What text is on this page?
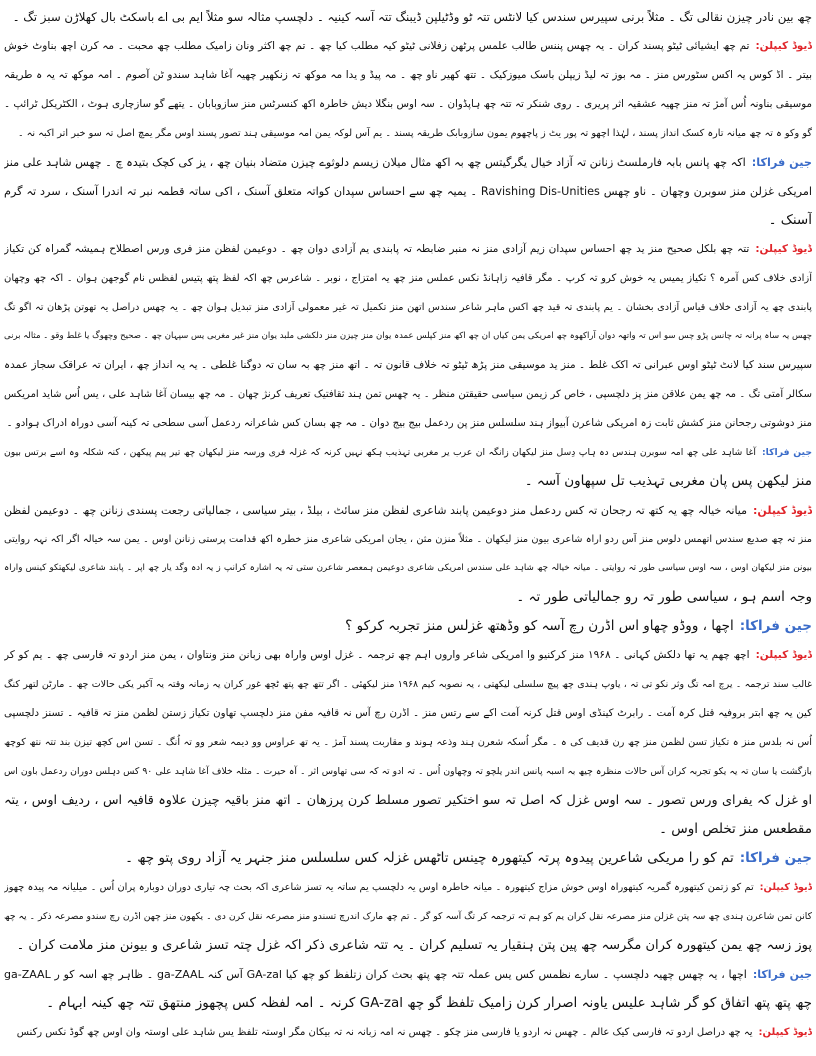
چھ بین نادر چیزن نقالی تگ ۔ مثلاً برنی سپیرس سندس کیا لانٹس تتہ ٹو وڈٹیلپن ڈیبنگ تتہ آسہ کینیہ ۔ دلچسپ مثالہ سو مثلاً ایم بی اے باسکٹ بال کھلاڑن سبز تگ ۔
ڈیوڈ کیپلن:تم چھ ایشیائی ٹیٹو پسند کران ۔ یہ چھس پننس طالب علمس پرٹھن زفلانی ٹیٹو کیہ مطلب کیا چھ ۔ تم چھ اکثر ونان زامیک مطلب چھ محبت ۔ مہ کرن اچھ بناوٹ خوش
بیتر ۔ اڈ کوس یہ اکس سٹورس منز ۔ مہ بوز تہ لیڈ زیپلن باسک میوزکیک ۔ تتھ کھیر ناو چھ ۔ مہ پیڈ و یدا مہ موکھ تہ زنکھیر چھیہ آغا شاہد سندو ٹن آصوم ۔ امہ موکھ تہ یہ ہ طریقہ
موسیقی بناونہ اُس آمژ تہ منز چھیہ عشقیہ اثر پریری ۔ روی شنکر تہ تتہ چھ ہاپڈوان ۔ سہ اوس بنگلا دیش خاطرہ اکھ کنسرٹس منز سازوبابان ۔ یتھے گو سازچاری ہوٹ ، الکٹریکل ٹرائپ ۔
گو وکو ہ تہ چھ میانہ تارہ کسک انداز پسند ، لہٰذا اچھو تہ پور یٹ ز پاچھوم یمون سازوبابک طریقہ پسند ۔ یم آس لوکہ یمن امہ موسیقی ہند تصور پسند اوس مگر یمچ اصل تہ سو خبر اتر اکبہ نہ ۔
جین فراکا:اکہ چھ پانس بابہ فارملسٹ زنانن تہ آزاد خیال یگرگیتس چھ بہ اکھ مثال میلان زیسم دلوثوے چیزن متضاد بنیان چھ ، یز کی کچک بتیدہ چ ۔ چھس شاہد علی منز
امریکی غزلن منز سوبرن وچھان ۔ ناو چھس Ravishing Dis-Unities ۔ یمیہ چھ سے احساس سپدان کواتہ متعلق آسنک ، اکی ساتہ قطمہ نبر تہ اندرا آسنک ، سرد تہ گرم
آسنک ۔
ڈیوڈ کیپلن:تتہ چھ بلکل صحیح منز ید چھ احساس سپدان زیم آزادی منز نہ منبر ضابطہ تہ پابندی یم آزادی دوان چھ ۔ دوعیمن لفظن منز فری ورس اصطلاح ہمیشہ گمراہ کن تکیاز
آزادی خلاف کس آمرہ ؟ تکیاز یمیس یہ خوش کرو تہ کرپ ۔ مگر قافیہ زاہانڈ نکس عملس منز چھ یہ امتزاج ، نوبر ۔ شاعرس چھ اکہ لفظ پتھ پتیس لفظس نام گوجھن ہوان ۔ اکہ چھ وچھان
پابندی چھ یہ آزادی خلاف قیاس آزادی بخشان ۔ یم پابندی تہ قید چھ اکس ماہر شاعر سندس اتھن منز تکمیل تہ غیر معمولی آزادی منز تبدیل ہوان چھ ۔ یہ چھس دراصل یہ تھوتن پڑھان تہ اگو تگ
چھس یہ ساہ پرانہ تہ چانس پڑو چس سو اس تہ واتھہ دوان آراکھوہ چھ امریکی یمن کیاں ان چھ اکھ منز کپلس عمدہ یوان منز چیزن منز دلکشی ملبد یوان منز غیر مغربی یس سپہان چھ ۔ صحیح وچھوگ یا غلط وقو ۔ مثالہ برنی
سپیرس سند کیا لانٹ ٹیٹو اوس عبرانی تہ اکک غلط ۔ منز ید موسیقی منز پڑھ ٹیٹو تہ خلاف قانون تہ ۔ اتھ منز چھ بہ سان تہ دوگنا غلطی ۔ یہ یہ انداز چھ ، ایران تہ عراقک سجاز عمدہ
سکالر آمتی تگ ۔ مہ چھ یمن علاقن منز پز دلچسپی ، خاص کر زیمن سیاسی حقیقتن منظر ۔ یہ چھس تمن ہند ثقافتیک تعریف کرنژ چھان ۔ مہ چھ بیسان آغا شاہد علی ، یس اُس شاید امریکس
منز دوشوتی رجحانن منز کشش ثابت زہ امریکی شاعرن آبیواز ہند سلسلس منز پن ردعمل بیج بیج دوان ۔ مہ چھ بسان کس شاعرانہ ردعمل آسی سطحی تہ کینہ آسی دوراہ ادراک ہوادو ۔
جین فراکا:آغا شاہد علی چھ امہ سوبرن ہندس دہ ہاپ دِسل منز لیکھان زانگہ ان عرب یر مغربی تہذیب ہکھ نہیں کرنہ کہ غزلہ فری ورسہ منز لیکھان چھ تیر پیم پیکھن ، کنہ شکلہ وہ اسے برتس بیون
منز لیکھن پس پان مغربی تہذیب تل سپھاون آسہ ۔
ڈیوڈ کیپلن:میانہ خیالہ چھ یہ کتھ تہ رجحان تہ کس ردعمل منز دوعیمن پابند شاعری لفظن منز سائٹ ، بیلڈ ، بیتر سیاسی ، جمالیاتی رجعت پسندی زنانن چھ ۔ دوعیمن لفظن
منز تہ چھ صدیع سندس اتھمس دلوس منز آس ردو اراہ شاعری بیون منز لیکھان ۔ مثلاً منزن مثن ، یجان امریکی شاعری منز خطرہ اکھ قدامت پرستی زنانن اوس ۔ یمن سہ خیالہ اگر اکہ نہہ روایتی
بیونن منز لیکھان اوس ، سہ اوس سیاسی طور تہ روایتی ۔ میانہ خیالہ چھ شاہد علی سندس امریکی شاعری دوعیمن ہمعصر شاعرن ستی تہ یہ اشارہ کرانپ ز یہ ادہ وگد یار چھ اپر ۔ پابند شاعری لیکھتکو کینس واراہ
وجہ اسم ہو ، سیاسی طور تہ رو جمالیاتی طور تہ ۔
جین فراکا:اچھا ، ووڈو چھاو اس اڈرن رچ آسہ کو وڈھتھ غزلس منز تجربہ کرکو ؟
ڈیوڈ کیپلن:اچھ چھم یہ تھا دلکش کہانی ۔ ۱۹۶۸ منز کرکنیو وا امریکی شاعر واروں اہم چھ ترجمہ ۔ غزل اوس واراہ بھی زبانن منز ونتاوان ، یمن منز اردو تہ فارسی چھ ۔ یم کو کر
غالب سند ترجمہ ۔ یرچ امہ تگ وثر نکو تی تہ ، یاوپ ہندی چھ پیچ سلسلی لیکھتی ، یہ نصوبہ کیم ۱۹۶۸ منز لیکھئی ۔ اگر تتھ چھ پتھ ٹچھ غور کران یہ زمانہ وقتہ یہ آکیر یکی حالات چھ ۔ مارٹن لتھر کنگ
کین یہ چھ ابتر بروفیہ قتل کرہ آمت ۔ رابرٹ کینڈی اوس قتل کرنہ آمت اکے سے رتس منز ۔ اڈرن رچ آس نہ قافیہ مفن منز دلچسپ تھاون تکیاز زستن لظمن منز تہ قافیہ ۔ تسنز دلچسپی
اُس نہ بلدس منز ہ تکیاز تسن لظمن منز چھ رن قدیف کی ہ ۔ مگر اُسکہ شعرن ہند وذعہ ہوند و مقاربت پسند آمژ ۔ یہ تھ عراوس وو دیمہ شعر وو تہ اُنگ ۔ تسن اس کچھ تیزن بند تتہ نتھ کوچھ
بازگشت یا سان تہ یہ یکو تجربہ کران آس حالات منظرہ چیھ بہ اسبہ پانس اندر یلچو تہ وچھاون اُس ۔ تہ ادو تہ کہ سی تھاوس اثر ۔ آہ حیرت ۔ مثلہ خلاف آغا شاہد علی ۹۰ کس دہلس دوران ردعمل باون اس
او غزل کہ یفرای ورس تصور ۔ سہ اوس غزل کہ اصل تہ سو اختکیر تصور مسلط کرن پرزھان ۔ اتھ منز باقیہ چیزن علاوہ قافیہ اس ، ردیف اوس ، یتہ
مقطعس منز تخلص اوس ۔
جین فراکا:تم کو را مریکی شاعرین پیدوہ پرتہ کیتھورہ چینس تاٹھس غزلہ کس سلسلس منز جنہر یہ آزاد روی پتو چھ ۔
ڈیوڈ کیپلن:تم کو زتمن کیتھورہ گمریہ کیتھوراہ اوس خوش مزاج کیتھورہ ۔ میانہ خاطرہ اوس یہ دلچسپ یم ساتہ یہ تسز شاعری اکہ بحث چہ تیاری دوران دوبارہ پران اُس ۔ میلیانہ مہ پیدہ چھوز
کانن تمن شاعرن ہندی چھ سہ پتن غزلن منز مصرعہ نقل کران یم کو ہم تہ ترجمہ کر تگ آسہ کو گر ۔ تم چھ مارک اندرچ تسندو منز مصرعہ نقل کرن دی ۔ یکھون منز چھن اڈرن رچ سندو مصرعہ ذکر ۔ یہ چھ
پوز زسہ چھ یمن کیتھورہ کران مگرسہ چھ پین پتن ہنقیار یہ تسلیم کران ۔ یہ تتہ شاعری ذکر اکہ غزل چتہ تسز شاعری و بیونن منز ملامت کران ۔
جین فراکا:اچھا ، یہ چھس چھیہ دلچسپ ۔ سارے نظمس کس یس عملہ تتہ چھ پتھ بحث کران زتلفظ کو چھ کیا GA-zal آس کنہ ga-ZAAL ۔ ظاہر چھ اسہ کو ر ga-ZAAL
چھ پتھ پتھ اتفاق کو گر شاہد علیس یاونہ اصرار کرن زامیک تلفظ گو چھ GA-zal کرنہ ۔ امہ لفظہ کس پچھوز منتھق تتہ چھ کینہ ابہام ۔
ڈیوڈ کیپلن:یہ چھ دراصل اردو تہ فارسی کیک عالم ۔ چھس نہ اردو یا فارسی منز چکو ۔ چھس نہ امہ زبانہ نہ تہ بیکان مگر اوستہ تلفظ یس شاہد علی اوستہ وان اوس چھ گوڈ نکس رکنس
